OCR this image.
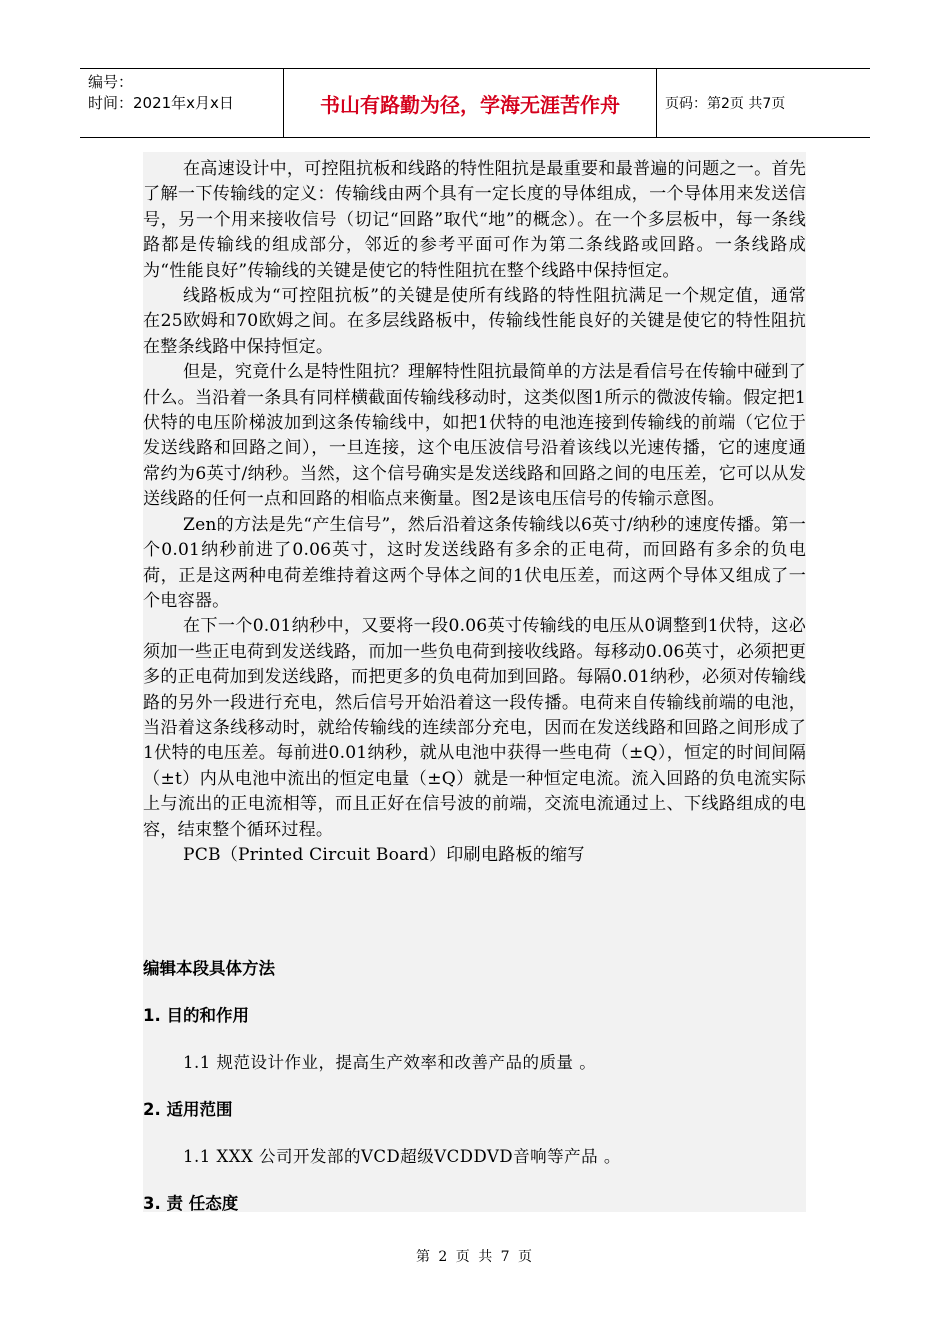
编号：
时间：2021年x月x日	书山有路勤为径，学海无涯苦作舟	页码：第2页 共7页

在高速设计中，可控阻抗板和线路的特性阻抗是最重要和最普遍的问题之一。首先了解一下传输线的定义：传输线由两个具有一定长度的导体组成，一个导体用来发送信号，另一个用来接收信号（切记“回路”取代“地”的概念）。在一个多层板中，每一条线路都是传输线的组成部分，邻近的参考平面可作为第二条线路或回路。一条线路成为“性能良好”传输线的关键是使它的特性阻抗在整个线路中保持恒定。

线路板成为“可控阻抗板”的关键是使所有线路的特性阻抗满足一个规定值，通常在25欧姆和70欧姆之间。在多层线路板中，传输线性能良好的关键是使它的特性阻抗在整条线路中保持恒定。

但是，究竟什么是特性阻抗？理解特性阻抗最简单的方法是看信号在传输中碰到了什么。当沿着一条具有同样横截面传输线移动时，这类似图1所示的微波传输。假定把1伏特的电压阶梯波加到这条传输线中，如把1伏特的电池连接到传输线的前端（它位于发送线路和回路之间），一旦连接，这个电压波信号沿着该线以光速传播，它的速度通常约为6英寸/纳秒。当然，这个信号确实是发送线路和回路之间的电压差，它可以从发送线路的任何一点和回路的相临点来衡量。图2是该电压信号的传输示意图。

Zen的方法是先“产生信号”，然后沿着这条传输线以6英寸/纳秒的速度传播。第一个0.01纳秒前进了0.06英寸，这时发送线路有多余的正电荷，而回路有多余的负电荷，正是这两种电荷差维持着这两个导体之间的1伏电压差，而这两个导体又组成了一个电容器。

在下一个0.01纳秒中，又要将一段0.06英寸传输线的电压从0调整到1伏特，这必须加一些正电荷到发送线路，而加一些负电荷到接收线路。每移动0.06英寸，必须把更多的正电荷加到发送线路，而把更多的负电荷加到回路。每隔0.01纳秒，必须对传输线路的另外一段进行充电，然后信号开始沿着这一段传播。电荷来自传输线前端的电池，当沿着这条线移动时，就给传输线的连续部分充电，因而在发送线路和回路之间形成了1伏特的电压差。每前进0.01纳秒，就从电池中获得一些电荷（±Q），恒定的时间间隔（±t）内从电池中流出的恒定电量（±Q）就是一种恒定电流。流入回路的负电流实际上与流出的正电流相等，而且正好在信号波的前端，交流电流通过上、下线路组成的电容，结束整个循环过程。

PCB（Printed Circuit Board）印刷电路板的缩写

编辑本段具体方法

1. 目的和作用

1.1 规范设计作业，提高生产效率和改善产品的质量 。

2. 适用范围

1.1 XXX 公司开发部的VCD超级VCDDVD音响等产品 。

3. 责 任态度

第 2 页 共 7 页
